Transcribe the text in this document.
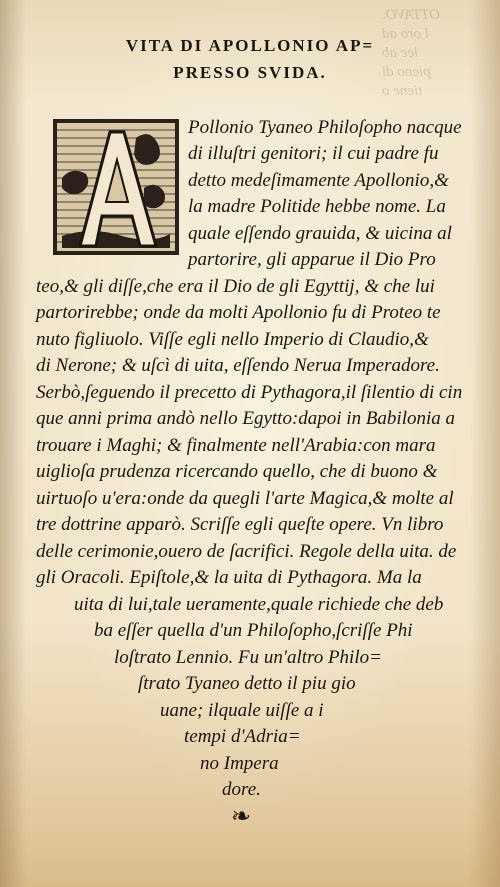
OTTAVO.
l oro ad
lee ab
pieno di
tiene o
VITA DI APOLLONIO AP=
PRESSO SVIDA.
Pollonio Tyaneo Philoſopho nacque
di illuſtri genitori; il cui padre fu
detto medeſimamente Apollonio,&
la madre Politide hebbe nome. La
quale eſſendo grauida, & uicina al
partorire, gli apparue il Dio Pro
teo,& gli diſſe,che era il Dio de gli Egyttij, & che lui
partorirebbe; onde da molti Apollonio fu di Proteo te
nuto figliuolo. Viſſe egli nello Imperio di Claudio,&
di Nerone; & uſcì di uita, eſſendo Nerua Imperadore.
Serbò,ſeguendo il precetto di Pythagora,il ſilentio di cin
que anni prima andò nello Egytto:dapoi in Babilonia a
trouare i Maghi; & finalmente nell'Arabia:con mara
uiglioſa prudenza ricercando quello, che di buono &
uirtuoſo u'era:onde da quegli l'arte Magica,& molte al
tre dottrine apparò. Scriſſe egli queſte opere. Vn libro
delle cerimonie,ouero de ſacrifici. Regole della uita. de
gli Oracoli. Epiſtole,& la uita di Pythagora. Ma la
uita di lui,tale ueramente,quale richiede che deb
ba eſſer quella d'un Philoſopho,ſcriſſe Phi
loſtrato Lennio. Fu un'altro Philo=
ſtrato Tyaneo detto il piu gio
uane; ilquale uiſſe a i
tempi d'Adria=
no Impera
dore.
❧
